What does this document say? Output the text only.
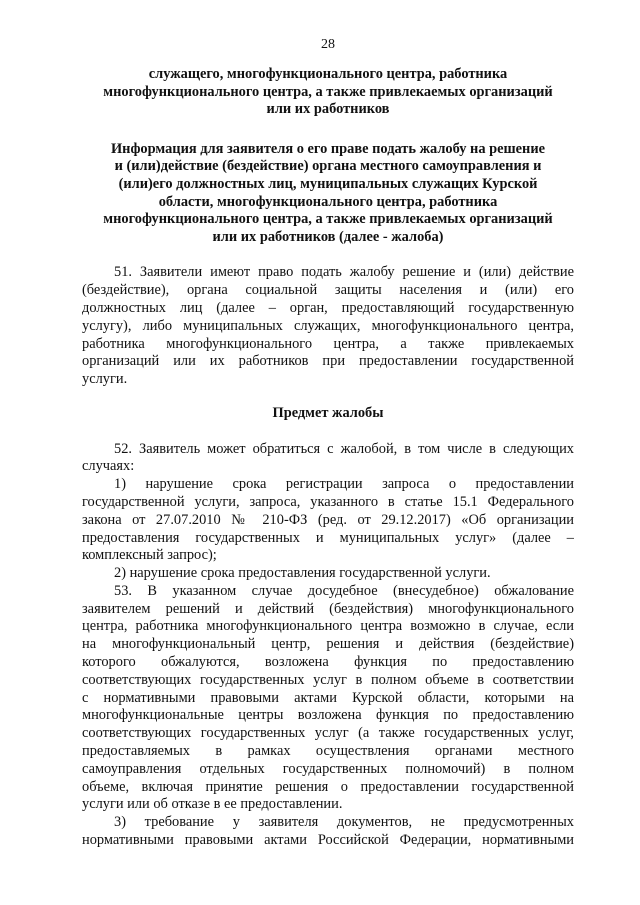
28
служащего, многофункционального центра, работника
многофункционального центра, а также привлекаемых организаций
или их работников
Информация для заявителя о его праве подать жалобу на решение
и (или)действие (бездействие) органа местного самоуправления и
(или)его должностных лиц, муниципальных служащих Курской
области, многофункционального центра, работника
многофункционального центра, а также привлекаемых организаций
или их работников (далее - жалоба)
51. Заявители имеют право подать жалобу решение и (или) действие
(бездействие), органа социальной защиты населения и (или) его
должностных лиц (далее – орган, предоставляющий государственную
услугу), либо муниципальных служащих, многофункционального центра,
работника многофункционального центра, а также привлекаемых
организаций или их работников при предоставлении государственной
услуги.
Предмет жалобы
52. Заявитель может обратиться с жалобой, в том числе в следующих
случаях:
1) нарушение срока регистрации запроса о предоставлении
государственной услуги, запроса, указанного в статье 15.1 Федерального
закона от 27.07.2010 № 210-ФЗ (ред. от 29.12.2017) «Об организации
предоставления государственных и муниципальных услуг» (далее –
комплексный запрос);
2) нарушение срока предоставления государственной услуги.
53. В указанном случае досудебное (внесудебное) обжалование
заявителем решений и действий (бездействия) многофункционального
центра, работника многофункционального центра возможно в случае, если
на многофункциональный центр, решения и действия (бездействие)
которого обжалуются, возложена функция по предоставлению
соответствующих государственных услуг в полном объеме в соответствии
с нормативными правовыми актами Курской области, которыми на
многофункциональные центры возложена функция по предоставлению
соответствующих государственных услуг (а также государственных услуг,
предоставляемых в рамках осуществления органами местного
самоуправления отдельных государственных полномочий) в полном
объеме, включая принятие решения о предоставлении государственной
услуги или об отказе в ее предоставлении.
3) требование у заявителя документов, не предусмотренных
нормативными правовыми актами Российской Федерации, нормативными
